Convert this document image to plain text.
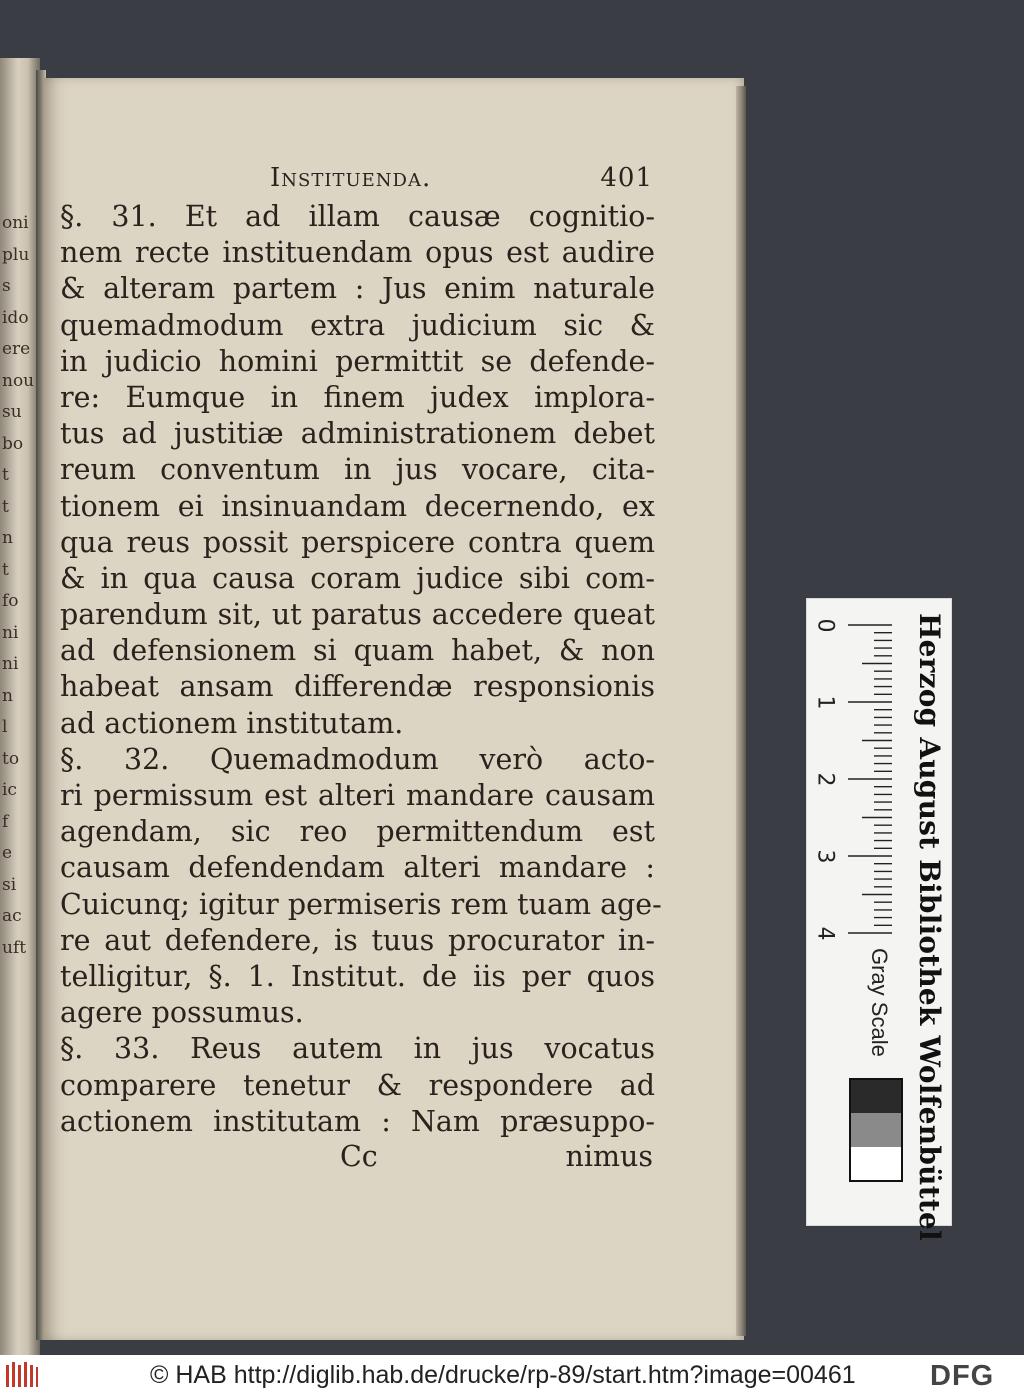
oni
plu
s
ido
ere
nou
su
bo
t
t
n
t
fo
ni
ni
n
l
to
ic
f
e
si
ac
uft
Instituenda.	401
§. 31. Et ad illam causæ cognitio-
nem recte instituendam opus est audire
& alteram partem : Jus enim naturale
quemadmodum extra judicium sic &
in judicio homini permittit se defende-
re: Eumque in finem judex implora-
tus ad justitiæ administrationem debet
reum conventum in jus vocare, cita-
tionem ei insinuandam decernendo, ex
qua reus possit perspicere contra quem
& in qua causa coram judice sibi com-
parendum sit, ut paratus accedere queat
ad defensionem si quam habet, & non
habeat ansam differendæ responsionis
ad actionem institutam.
§. 32. Quemadmodum verò acto-
ri permissum est alteri mandare causam
agendam, sic reo permittendum est
causam defendendam alteri mandare :
Cuicunq; igitur permiseris rem tuam age-
re aut defendere, is tuus procurator in-
telligitur, §. 1. Institut. de iis per quos
agere possumus.
§. 33. Reus autem in jus vocatus
comparere tenetur & respondere ad
actionem institutam : Nam præsuppo-
Cc	nimus	Herzog August Bibliothek Wolfenbüttel
0
1
2
3
4
Gray Scale
© HAB http://diglib.hab.de/drucke/rp-89/start.htm?image=00461	DFG
